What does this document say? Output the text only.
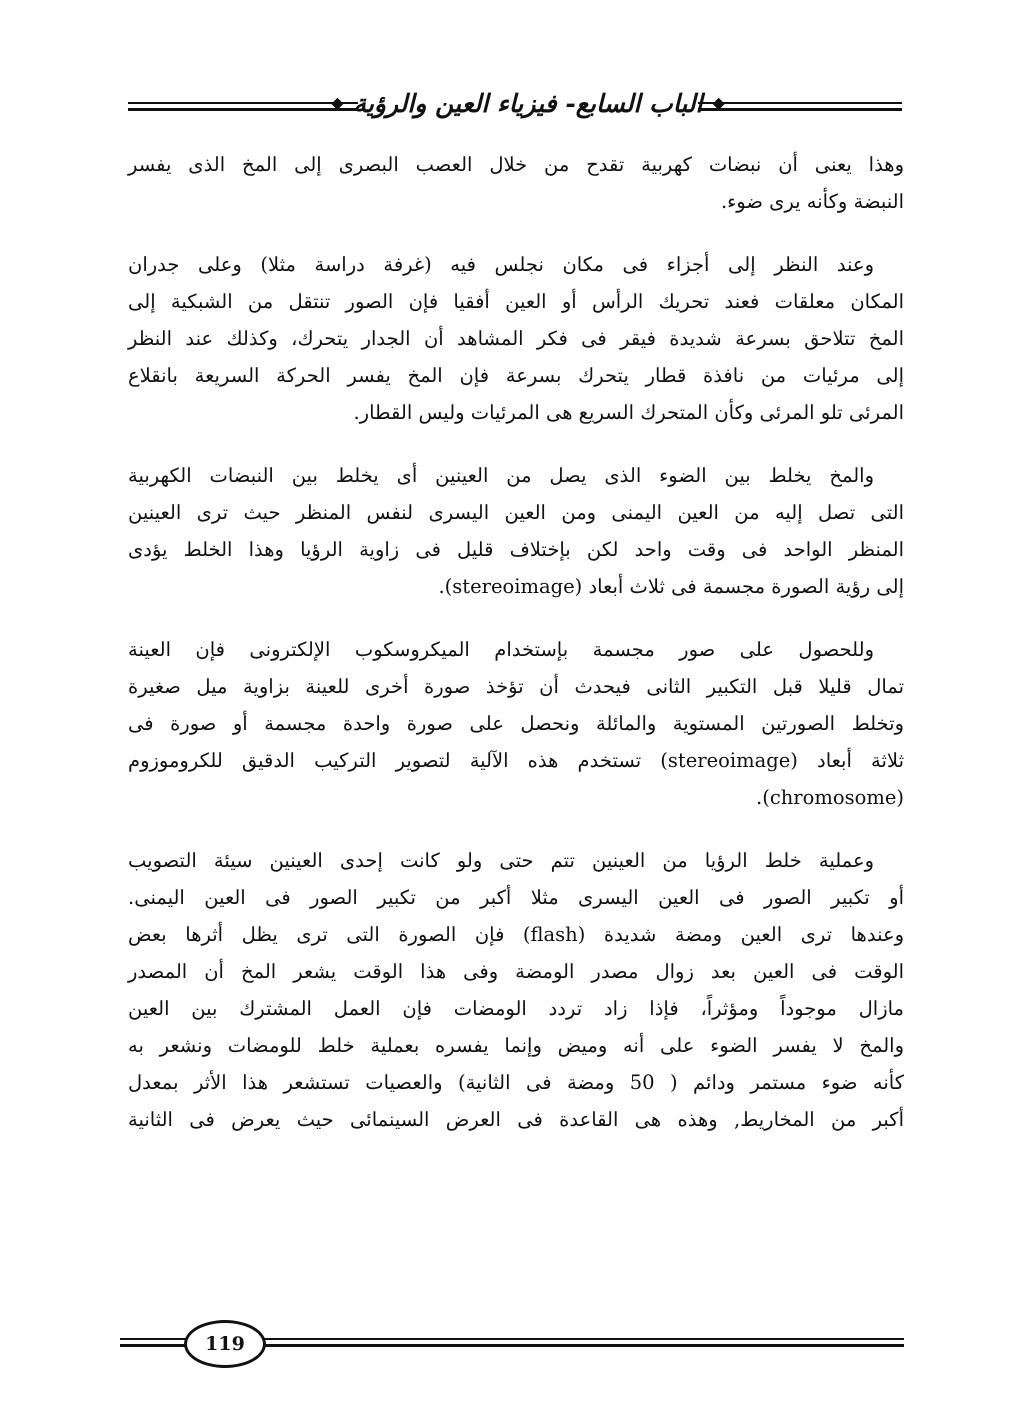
◆
الباب السابع- فيزياء العين والرؤية
◆

وهذا يعنى أن نبضات كهربية تقدح من خلال العصب البصرى إلى المخ الذى يفسر
النبضة وكأنه يرى ضوء.

وعند النظر إلى أجزاء فى مكان نجلس فيه (غرفة دراسة مثلا) وعلى جدران
المكان معلقات فعند تحريك الرأس أو العين أفقيا فإن الصور تنتقل من الشبكية إلى
المخ تتلاحق بسرعة شديدة فيقر فى فكر المشاهد أن الجدار يتحرك، وكذلك عند النظر
إلى مرئيات من نافذة قطار يتحرك بسرعة فإن المخ يفسر الحركة السريعة بانقلاع
المرئى تلو المرئى وكأن المتحرك السريع هى المرئيات وليس القطار.

والمخ يخلط بين الضوء الذى يصل من العينين أى يخلط بين النبضات الكهربية
التى تصل إليه من العين اليمنى ومن العين اليسرى لنفس المنظر حيث ترى العينين
المنظر الواحد فى وقت واحد لكن بإختلاف قليل فى زاوية الرؤيا وهذا الخلط يؤدى
إلى رؤية الصورة مجسمة فى ثلاث أبعاد (stereoimage).

وللحصول على صور مجسمة بإستخدام الميكروسكوب الإلكترونى فإن العينة
تمال قليلا قبل التكبير الثانى فيحدث أن تؤخذ صورة أخرى للعينة بزاوية ميل صغيرة
وتخلط الصورتين المستوية والمائلة ونحصل على صورة واحدة مجسمة أو صورة فى
ثلاثة أبعاد (stereoimage) تستخدم هذه الآلية لتصوير التركيب الدقيق للكروموزوم
(chromosome).

وعملية خلط الرؤيا من العينين تتم حتى ولو كانت إحدى العينين سيئة التصويب
أو تكبير الصور فى العين اليسرى مثلا أكبر من تكبير الصور فى العين اليمنى.
وعندها ترى العين ومضة شديدة (flash) فإن الصورة التى ترى يظل أثرها بعض
الوقت فى العين بعد زوال مصدر الومضة وفى هذا الوقت يشعر المخ أن المصدر
مازال موجوداً ومؤثراً، فإذا زاد تردد الومضات فإن العمل المشترك بين العين
والمخ لا يفسر الضوء على أنه وميض وإنما يفسره بعملية خلط للومضات ونشعر به
كأنه ضوء مستمر ودائم ( 50 ومضة فى الثانية) والعصيات تستشعر هذا الأثر بمعدل
أكبر من المخاريط, وهذه هى القاعدة فى العرض السينمائى حيث يعرض فى الثانية

119
